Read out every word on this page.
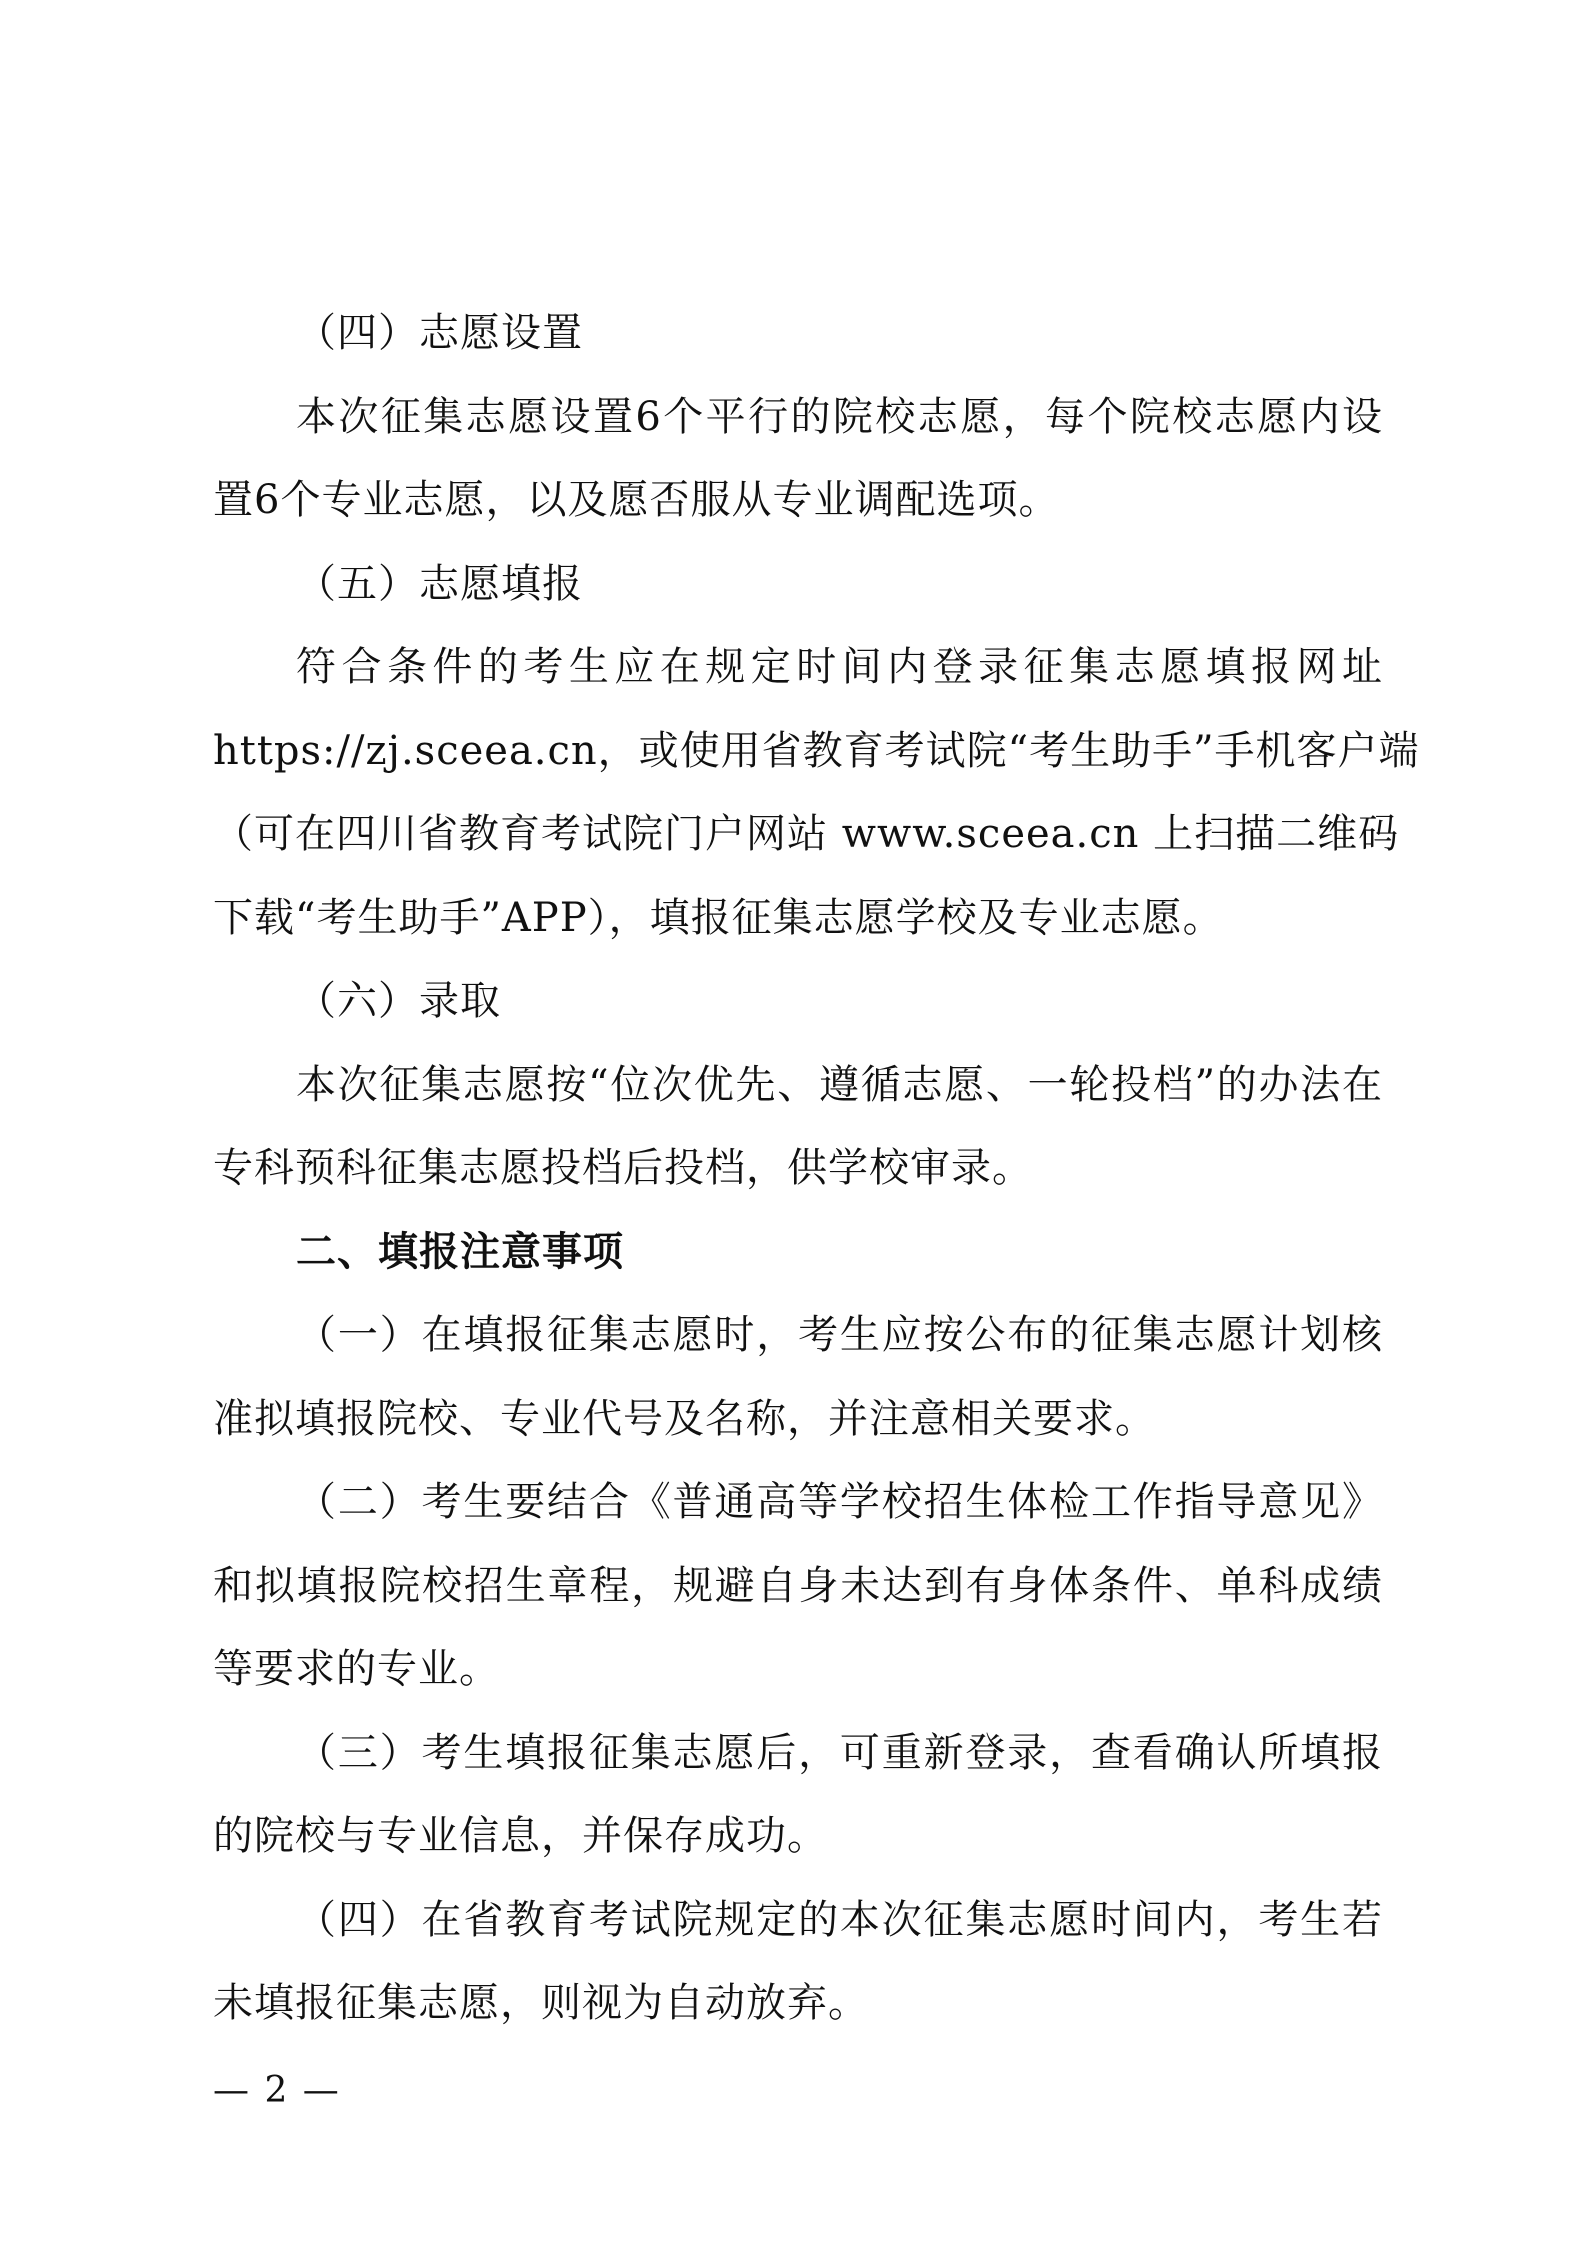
（四）志愿设置
本次征集志愿设置6个平行的院校志愿，每个院校志愿内设
置6个专业志愿，以及愿否服从专业调配选项。
（五）志愿填报
符合条件的考生应在规定时间内登录征集志愿填报网址
https://zj.sceea.cn，或使用省教育考试院“考生助手”手机客户端
（可在四川省教育考试院门户网站 www.sceea.cn 上扫描二维码
下载“考生助手”APP），填报征集志愿学校及专业志愿。
（六）录取
本次征集志愿按“位次优先、遵循志愿、一轮投档”的办法在
专科预科征集志愿投档后投档，供学校审录。
二、填报注意事项
（一）在填报征集志愿时，考生应按公布的征集志愿计划核
准拟填报院校、专业代号及名称，并注意相关要求。
（二）考生要结合《普通高等学校招生体检工作指导意见》
和拟填报院校招生章程，规避自身未达到有身体条件、单科成绩
等要求的专业。
（三）考生填报征集志愿后，可重新登录，查看确认所填报
的院校与专业信息，并保存成功。
（四）在省教育考试院规定的本次征集志愿时间内，考生若
未填报征集志愿，则视为自动放弃。
— 2 —
